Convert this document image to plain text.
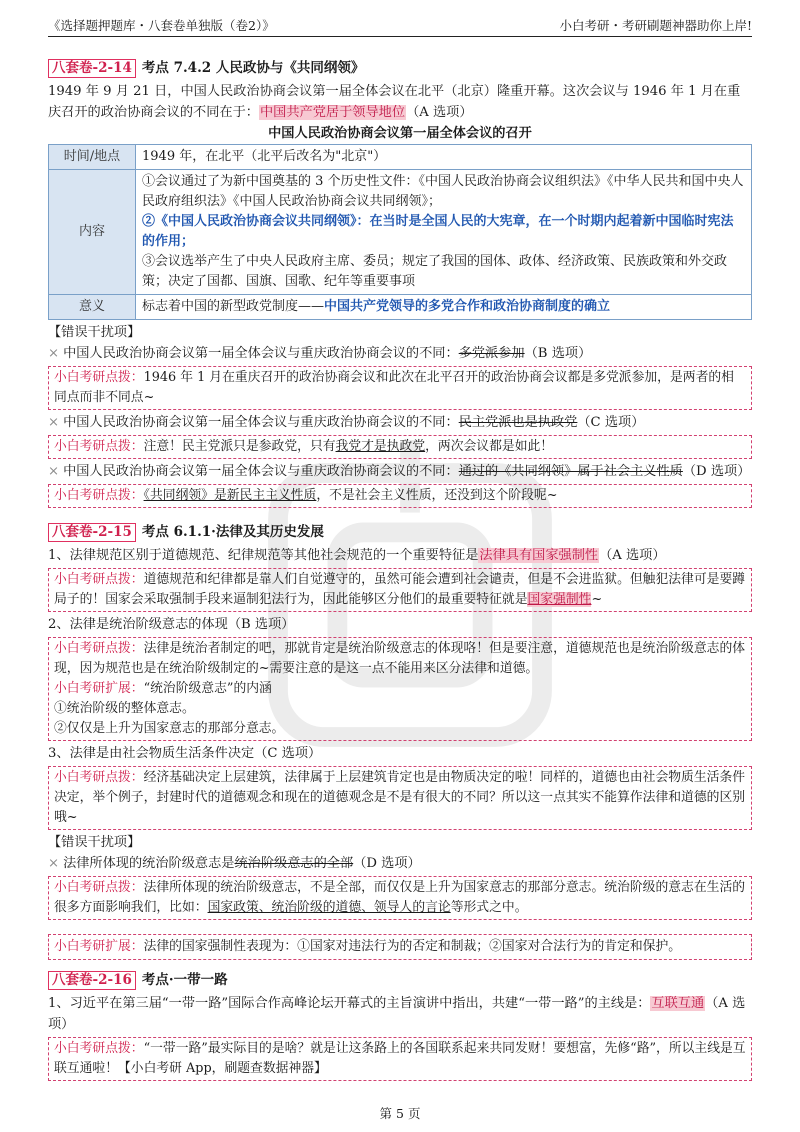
《选择题押题库・八套卷单独版（卷2）》	小白考研・考研刷题神器助你上岸!
八套卷-2-14 考点 7.4.2 人民政协与《共同纲领》

1949 年 9 月 21 日，中国人民政治协商会议第一届全体会议在北平（北京）隆重开幕。这次会议与 1946 年 1 月在重庆召开的政治协商会议的不同在于：中国共产党居于领导地位（A 选项）

中国人民政治协商会议第一届全体会议的召开
时间/地点	1949 年，在北平（北平后改名为"北京"）
内容	①会议通过了为新中国奠基的 3 个历史性文件：《中国人民政治协商会议组织法》《中华人民共和国中央人民政府组织法》《中国人民政治协商会议共同纲领》；
②《中国人民政治协商会议共同纲领》：在当时是全国人民的大宪章，在一个时期内起着新中国临时宪法的作用；
③会议选举产生了中央人民政府主席、委员；规定了我国的国体、政体、经济政策、民族政策和外交政策；决定了国都、国旗、国歌、纪年等重要事项

意义	标志着中国的新型政党制度——中国共产党领导的多党合作和政治协商制度的确立

【错误干扰项】

× 中国人民政治协商会议第一届全体会议与重庆政治协商会议的不同：多党派参加（B 选项）

小白考研点拨：1946 年 1 月在重庆召开的政治协商会议和此次在北平召开的政治协商会议都是多党派参加，是两者的相同点而非不同点~

× 中国人民政治协商会议第一届全体会议与重庆政治协商会议的不同：民主党派也是执政党（C 选项）

小白考研点拨：注意！民主党派只是参政党，只有我党才是执政党，两次会议都是如此！

× 中国人民政治协商会议第一届全体会议与重庆政治协商会议的不同：通过的《共同纲领》属于社会主义性质（D 选项）

小白考研点拨：《共同纲领》是新民主主义性质，不是社会主义性质，还没到这个阶段呢~
八套卷-2-15 考点 6.1.1·法律及其历史发展

1、法律规范区别于道德规范、纪律规范等其他社会规范的一个重要特征是法律具有国家强制性（A 选项）

小白考研点拨：道德规范和纪律都是靠人们自觉遵守的，虽然可能会遭到社会谴责，但是不会进监狱。但触犯法律可是要蹲局子的！国家会采取强制手段来逼制犯法行为，因此能够区分他们的最重要特征就是国家强制性~

2、法律是统治阶级意志的体现（B 选项）

小白考研点拨：法律是统治者制定的吧，那就肯定是统治阶级意志的体现咯！但是要注意，道德规范也是统治阶级意志的体现，因为规范也是在统治阶级制定的~需要注意的是这一点不能用来区分法律和道德。
小白考研扩展：“统治阶级意志”的内涵
①统治阶级的整体意志。
②仅仅是上升为国家意志的那部分意志。

3、法律是由社会物质生活条件决定（C 选项）

小白考研点拨：经济基础决定上层建筑，法律属于上层建筑肯定也是由物质决定的啦！同样的，道德也由社会物质生活条件决定，举个例子，封建时代的道德观念和现在的道德观念是不是有很大的不同？所以这一点其实不能算作法律和道德的区别哦~

【错误干扰项】

× 法律所体现的统治阶级意志是统治阶级意志的全部（D 选项）

小白考研点拨：法律所体现的统治阶级意志，不是全部，而仅仅是上升为国家意志的那部分意志。统治阶级的意志在生活的很多方面影响我们，比如：国家政策、统治阶级的道德、领导人的言论等形式之中。
小白考研扩展：法律的国家强制性表现为：①国家对违法行为的否定和制裁；②国家对合法行为的肯定和保护。
八套卷-2-16 考点·一带一路

1、习近平在第三届“一带一路”国际合作高峰论坛开幕式的主旨演讲中指出，共建“一带一路”的主线是：互联互通（A 选项）

小白考研点拨：“一带一路”最实际目的是啥？就是让这条路上的各国联系起来共同发财！要想富，先修“路”，所以主线是互联互通啦！【小白考研 App，刷题查数据神器】
第 5 页
